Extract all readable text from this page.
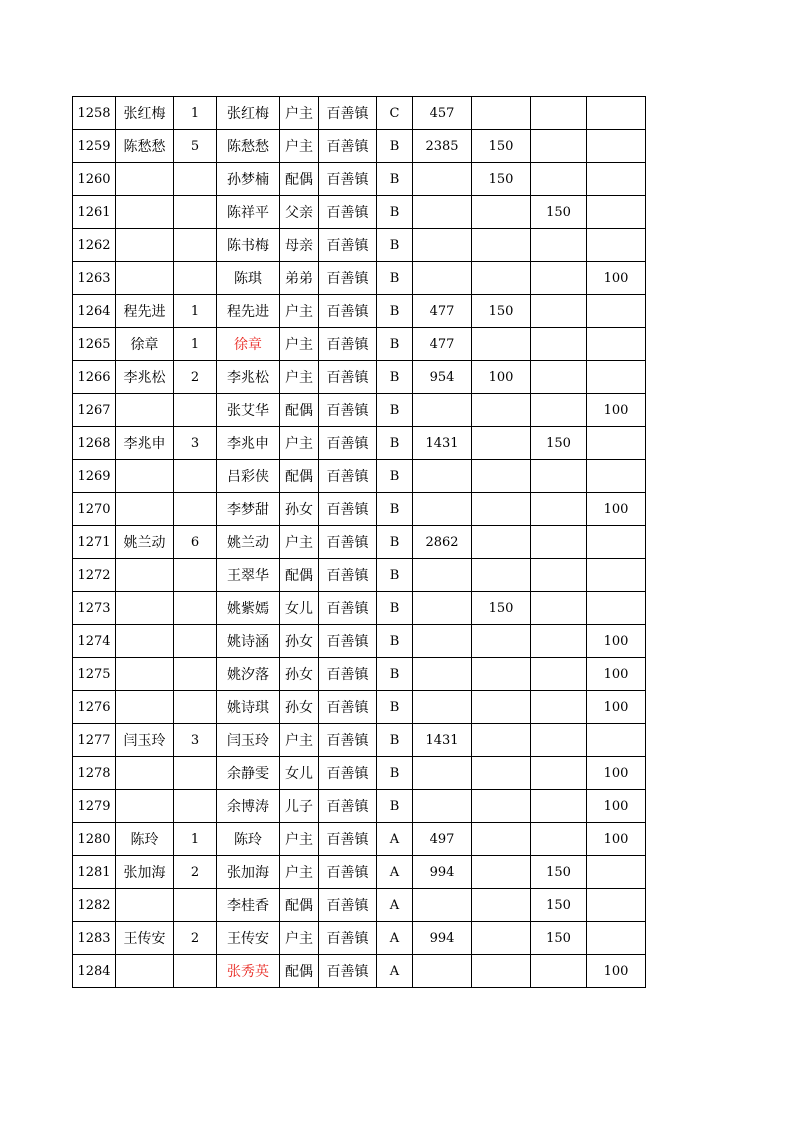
1258	张红梅	1	张红梅	户主	百善镇	C	457			
1259	陈愁愁	5	陈愁愁	户主	百善镇	B	2385	150		
1260			孙梦楠	配偶	百善镇	B		150		
1261			陈祥平	父亲	百善镇	B			150	
1262			陈书梅	母亲	百善镇	B				
1263			陈琪	弟弟	百善镇	B				100
1264	程先进	1	程先进	户主	百善镇	B	477	150		
1265	徐章	1	徐章	户主	百善镇	B	477			
1266	李兆松	2	李兆松	户主	百善镇	B	954	100		
1267			张艾华	配偶	百善镇	B				100
1268	李兆申	3	李兆申	户主	百善镇	B	1431		150	
1269			吕彩侠	配偶	百善镇	B				
1270			李梦甜	孙女	百善镇	B				100
1271	姚兰动	6	姚兰动	户主	百善镇	B	2862			
1272			王翠华	配偶	百善镇	B				
1273			姚紫嫣	女儿	百善镇	B		150		
1274			姚诗涵	孙女	百善镇	B				100
1275			姚汐落	孙女	百善镇	B				100
1276			姚诗琪	孙女	百善镇	B				100
1277	闫玉玲	3	闫玉玲	户主	百善镇	B	1431			
1278			余静雯	女儿	百善镇	B				100
1279			余博涛	儿子	百善镇	B				100
1280	陈玲	1	陈玲	户主	百善镇	A	497			100
1281	张加海	2	张加海	户主	百善镇	A	994		150	
1282			李桂香	配偶	百善镇	A			150	
1283	王传安	2	王传安	户主	百善镇	A	994		150	
1284			张秀英	配偶	百善镇	A				100
